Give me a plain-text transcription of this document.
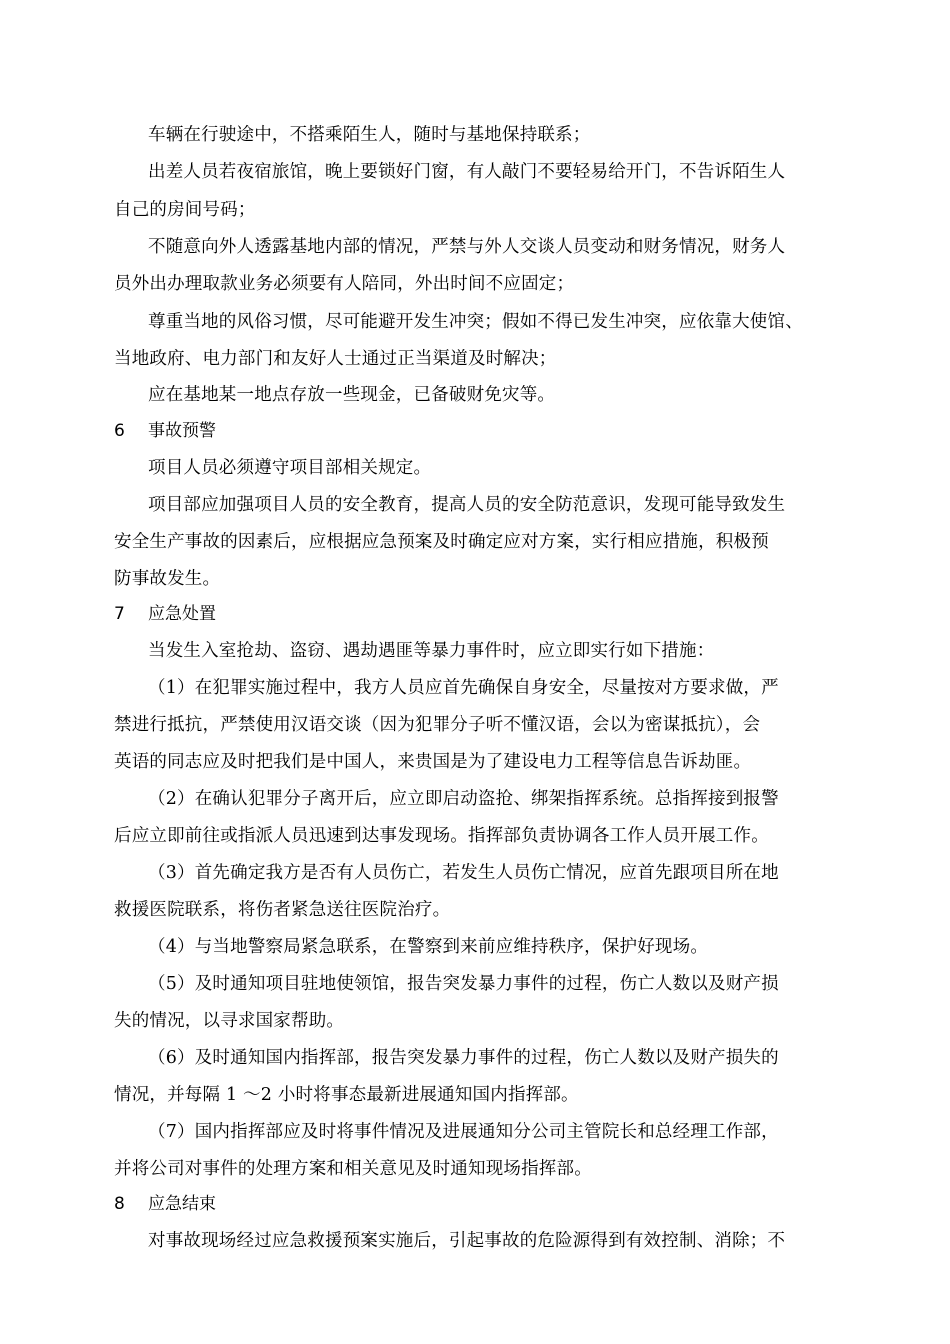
车辆在行驶途中，不搭乘陌生人，随时与基地保持联系；
出差人员若夜宿旅馆，晚上要锁好门窗，有人敲门不要轻易给开门，不告诉陌生人
自己的房间号码；
不随意向外人透露基地内部的情况，严禁与外人交谈人员变动和财务情况，财务人
员外出办理取款业务必须要有人陪同，外出时间不应固定；
尊重当地的风俗习惯，尽可能避开发生冲突；假如不得已发生冲突，应依靠大使馆、
当地政府、电力部门和友好人士通过正当渠道及时解决；
应在基地某一地点存放一些现金，已备破财免灾等。
6 事故预警
项目人员必须遵守项目部相关规定。
项目部应加强项目人员的安全教育，提高人员的安全防范意识，发现可能导致发生
安全生产事故的因素后，应根据应急预案及时确定应对方案，实行相应措施，积极预
防事故发生。
7 应急处置
当发生入室抢劫、盗窃、遇劫遇匪等暴力事件时，应立即实行如下措施：
（1）在犯罪实施过程中，我方人员应首先确保自身安全，尽量按对方要求做，严
禁进行抵抗，严禁使用汉语交谈（因为犯罪分子听不懂汉语，会以为密谋抵抗），会
英语的同志应及时把我们是中国人，来贵国是为了建设电力工程等信息告诉劫匪。
（2）在确认犯罪分子离开后，应立即启动盗抢、绑架指挥系统。总指挥接到报警
后应立即前往或指派人员迅速到达事发现场。指挥部负责协调各工作人员开展工作。
（3）首先确定我方是否有人员伤亡，若发生人员伤亡情况，应首先跟项目所在地
救援医院联系，将伤者紧急送往医院治疗。
（4）与当地警察局紧急联系，在警察到来前应维持秩序，保护好现场。
（5）及时通知项目驻地使领馆，报告突发暴力事件的过程，伤亡人数以及财产损
失的情况，以寻求国家帮助。
（6）及时通知国内指挥部，报告突发暴力事件的过程，伤亡人数以及财产损失的
情况，并每隔 1 ～2 小时将事态最新进展通知国内指挥部。
（7）国内指挥部应及时将事件情况及进展通知分公司主管院长和总经理工作部，
并将公司对事件的处理方案和相关意见及时通知现场指挥部。
8 应急结束
对事故现场经过应急救援预案实施后，引起事故的危险源得到有效控制、消除；不
